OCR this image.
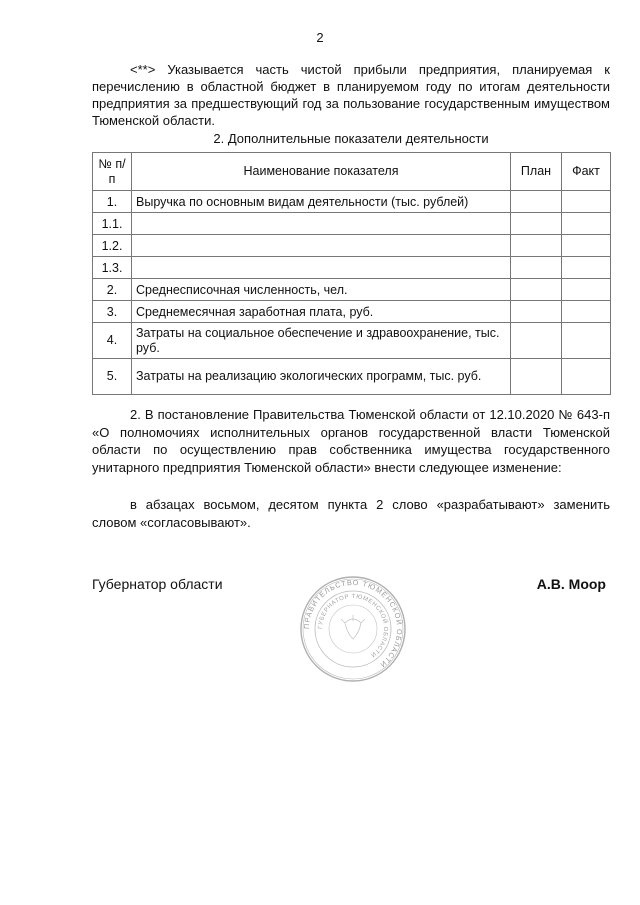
2
<**> Указывается часть чистой прибыли предприятия, планируемая к перечислению в областной бюджет в планируемом году по итогам деятельности предприятия за предшествующий год за пользование государственным имуществом Тюменской области.
2. Дополнительные показатели деятельности
№ п/п	Наименование показателя	План	Факт
1.	Выручка по основным видам деятельности (тыс. рублей)		
1.1.			
1.2.			
1.3.			
2.	Среднесписочная численность, чел.		
3.	Среднемесячная заработная плата, руб.		
4.	Затраты на социальное обеспечение и здравоохранение, тыс. руб.		
5.	Затраты на реализацию экологических программ, тыс. руб.		
2. В постановление Правительства Тюменской области от 12.10.2020 № 643-п «О полномочиях исполнительных органов государственной власти Тюменской области по осуществлению прав собственника имущества государственного унитарного предприятия Тюменской области» внести следующее изменение:
в абзацах восьмом, десятом пункта 2 слово «разрабатывают» заменить словом «согласовывают».
Губернатор области	А.В. Моор
ПРАВИТЕЛЬСТВО ТЮМЕНСКОЙ ОБЛАСТИ
ГУБЕРНАТОР ТЮМЕНСКОЙ ОБЛАСТИ
